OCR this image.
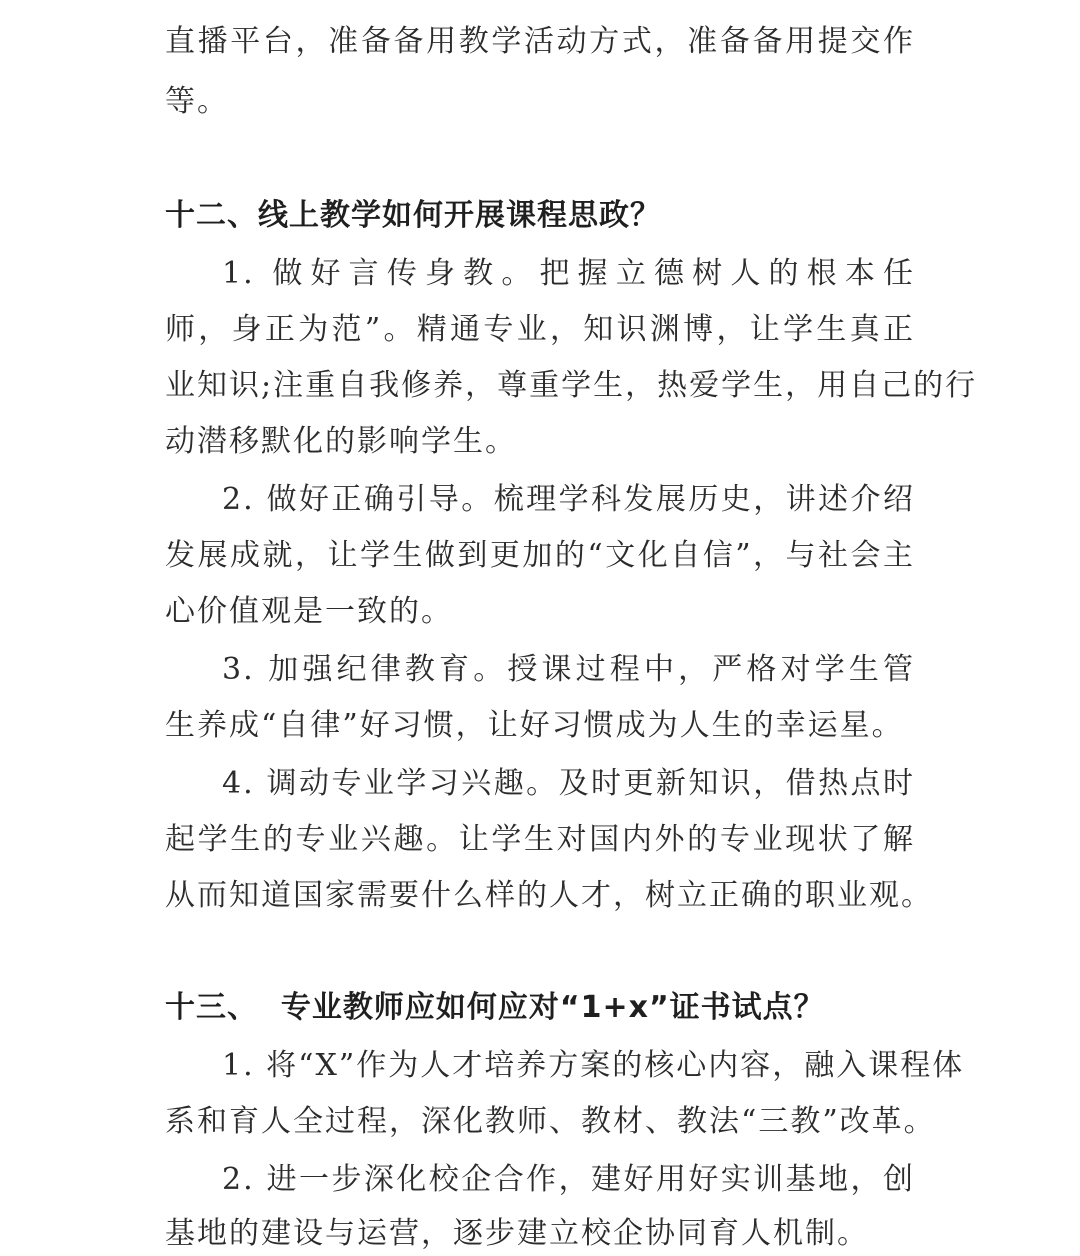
直播平台，准备备用教学活动方式，准备备用提交作
等。
十二、线上教学如何开展课程思政？
1. 做好言传身教。把握立德树人的根本任
师，身正为范”。精通专业，知识渊博，让学生真正
业知识;注重自我修养，尊重学生，热爱学生，用自己的行
动潜移默化的影响学生。
2. 做好正确引导。梳理学科发展历史，讲述介绍
发展成就，让学生做到更加的“文化自信”，与社会主
心价值观是一致的。
3. 加强纪律教育。授课过程中，严格对学生管
生养成“自律”好习惯，让好习惯成为人生的幸运星。
4. 调动专业学习兴趣。及时更新知识，借热点时
起学生的专业兴趣。让学生对国内外的专业现状了解
从而知道国家需要什么样的人才，树立正确的职业观。
十三、  专业教师应如何应对“1+x”证书试点？
1. 将“X”作为人才培养方案的核心内容，融入课程体
系和育人全过程，深化教师、教材、教法“三教”改革。
2. 进一步深化校企合作，建好用好实训基地，创
基地的建设与运营，逐步建立校企协同育人机制。
